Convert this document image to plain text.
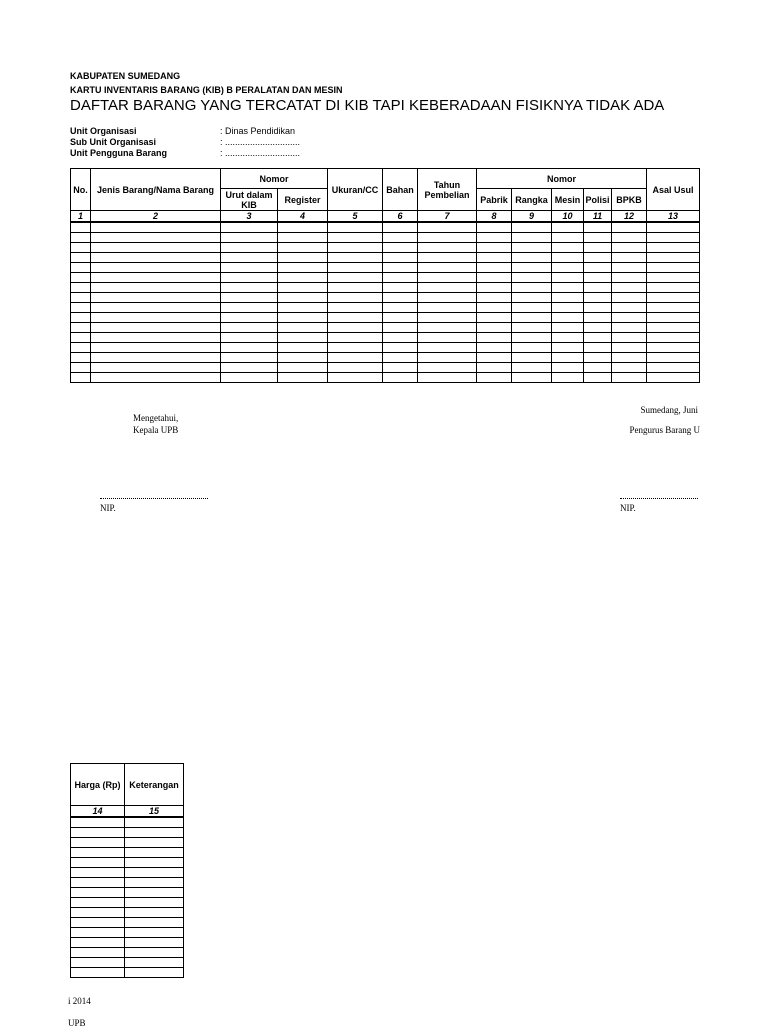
KABUPATEN SUMEDANG
KARTU INVENTARIS BARANG (KIB) B PERALATAN DAN MESIN
DAFTAR BARANG YANG TERCATAT DI KIB TAPI KEBERADAAN FISIKNYA TIDAK ADA
Unit Organisasi	: Dinas Pendidikan
Sub Unit Organisasi	: ..............................
Unit Pengguna Barang	: ..............................
No.	Jenis Barang/Nama Barang	Nomor		Ukuran/CC	Bahan	Tahun Pembelian	Nomor					Asal Usul
		Urut dalam KIB	Register				Pabrik	Rangka	Mesin	Polisi	BPKB	
1	2	3	4	5	6	7	8	9	10	11	12	13

Sumedang, Juni
Mengetahui,
Kepala UPB	Pengurus Barang U
NIP.	NIP.
Harga (Rp)	Keterangan
14	15

i 2014
UPB
